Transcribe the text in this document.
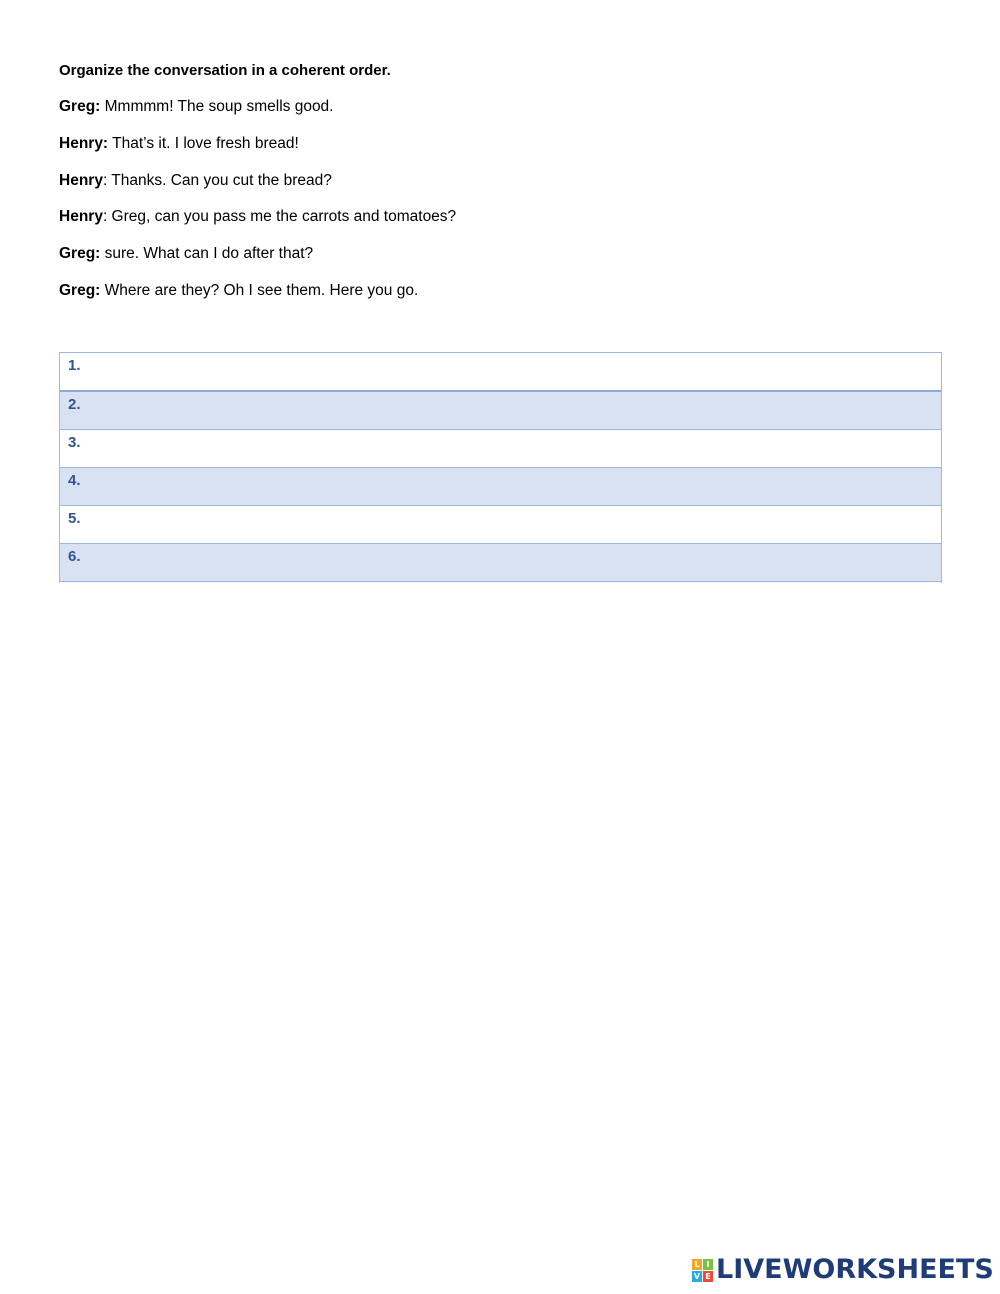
Organize the conversation in a coherent order.
Greg: Mmmmm! The soup smells good.
Henry: That’s it. I love fresh bread!
Henry: Thanks. Can you cut the bread?
Henry: Greg, can you pass me the carrots and tomatoes?
Greg: sure. What can I do after that?
Greg: Where are they? Oh I see them. Here you go.
1.
2.
3.
4.
5.
6.
L I
V E LIVEWORKSHEETS
